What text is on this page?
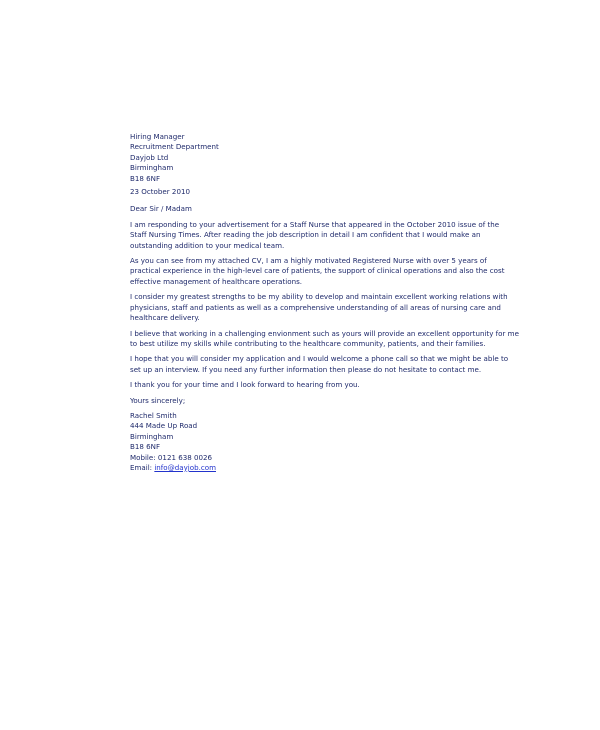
Hiring Manager
Recruitment Department
Dayjob Ltd
Birmingham
B18 6NF
23 October 2010

Dear Sir / Madam

I am responding to your advertisement for a Staff Nurse that appeared in the October 2010 issue of the
Staff Nursing Times. After reading the job description in detail I am confident that I would make an
outstanding addition to your medical team.

As you can see from my attached CV, I am a highly motivated Registered Nurse with over 5 years of
practical experience in the high-level care of patients, the support of clinical operations and also the cost
effective management of healthcare operations.

I consider my greatest strengths to be my ability to develop and maintain excellent working relations with
physicians, staff and patients as well as a comprehensive understanding of all areas of nursing care and
healthcare delivery.

I believe that working in a challenging envionment such as yours will provide an excellent opportunity for me
to best utilize my skills while contributing to the healthcare community, patients, and their families.

I hope that you will consider my application and I would welcome a phone call so that we might be able to
set up an interview. If you need any further information then please do not hesitate to contact me.

I thank you for your time and I look forward to hearing from you.

Yours sincerely;

Rachel Smith
444 Made Up Road
Birmingham
B18 6NF
Mobile: 0121 638 0026
Email: info@dayjob.com
